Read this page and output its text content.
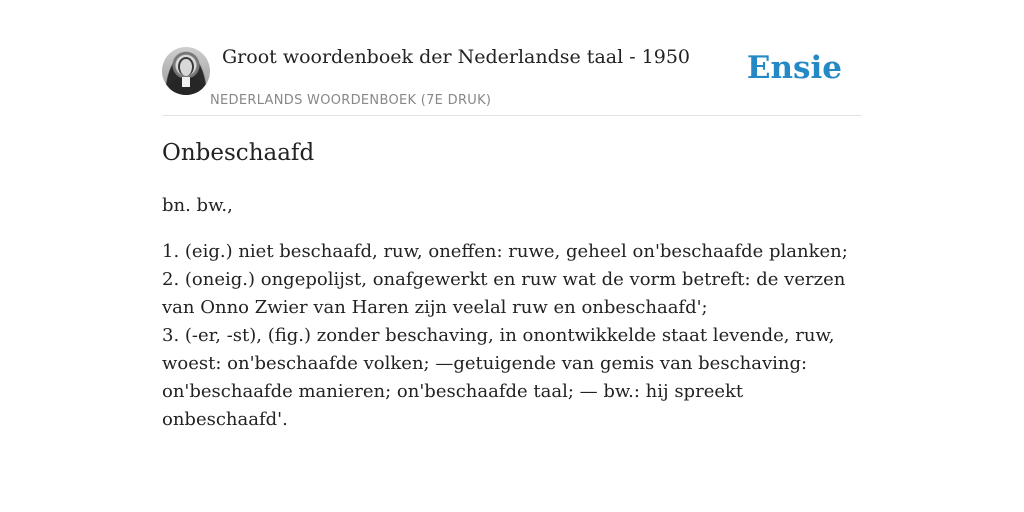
Groot woordenboek der Nederlandse taal - 1950
NEDERLANDS WOORDENBOEK (7E DRUK)
Ensie
Onbeschaafd

bn. bw.,

1. (eig.) niet beschaafd, ruw, oneffen: ruwe, geheel on'beschaafde planken;
2. (oneig.) ongepolijst, onafgewerkt en ruw wat de vorm betreft: de verzen van Onno Zwier van Haren zijn veelal ruw en onbeschaafd';
3. (-er, -st), (fig.) zonder beschaving, in onontwikkelde staat levende, ruw, woest: on'beschaafde volken; —getuigende van gemis van beschaving: on'beschaafde manieren; on'beschaafde taal; — bw.: hij spreekt onbeschaafd'.
